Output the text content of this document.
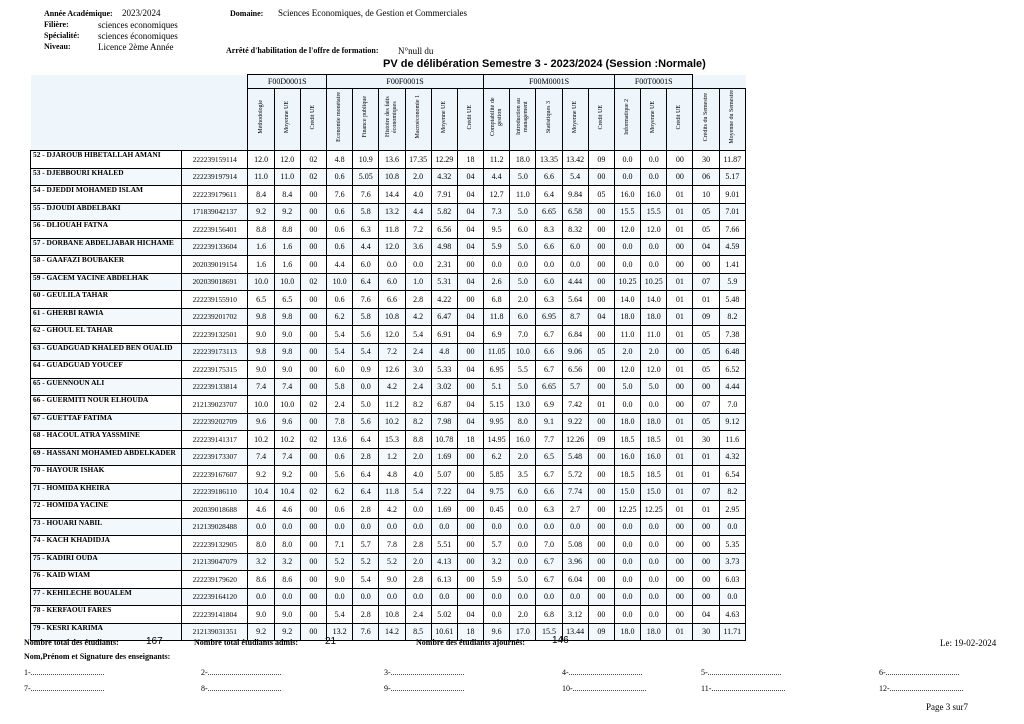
Année Académique: 2023/2024
Filière:	sciences economiques
Spécialité: sciences économiques
Niveau:	Licence 2ème Année
Domaine: Sciences Economiques, de Gestion et Commerciales
Arrêté d'habilitation de l'offre de formation: N°null du
PV de délibération Semestre 3 - 2023/2024 (Session :Normale)
		F00D0001S			F00F0001S						F00M0001S					F00T0001S				
		Méthodologie	Moyenne UE	Crédit UE	Economie monétaire	Finance publique	Histoire des faits économiques	Macroéconomie 1	Moyenne UE	Crédit UE	Comptabilité de gestion	Introduction au management	Statistiques 3	Moyenne UE	Crédit UE	Informatique 2	Moyenne UE	Crédit UE	Crédits du Semestre	Moyenne du Semestre
52 - DJAROUB HIBETALLAH AMANI	222239159114	12.0	12.0	02	4.8	10.9	13.6	17.35	12.29	18	11.2	18.0	13.35	13.42	09	0.0	0.0	00	30	11.87
53 - DJEBBOURI KHALED	222239197914	11.0	11.0	02	0.6	5.05	10.8	2.0	4.32	04	4.4	5.0	6.6	5.4	00	0.0	0.0	00	06	5.17
54 - DJEDDI MOHAMED ISLAM	222239179611	8.4	8.4	00	7.6	7.6	14.4	4.0	7.91	04	12.7	11.0	6.4	9.84	05	16.0	16.0	01	10	9.01
55 - DJOUDI ABDELBAKI	171839042137	9.2	9.2	00	0.6	5.8	13.2	4.4	5.82	04	7.3	5.0	6.65	6.58	00	15.5	15.5	01	05	7.01
56 - DLIOUAH FATNA	222239156401	8.8	8.8	00	0.6	6.3	11.8	7.2	6.56	04	9.5	6.0	8.3	8.32	00	12.0	12.0	01	05	7.66
57 - DORBANE ABDELJABAR HICHAME	222239133604	1.6	1.6	00	0.6	4.4	12.0	3.6	4.98	04	5.9	5.0	6.6	6.0	00	0.0	0.0	00	04	4.59
58 - GAAFAZI BOUBAKER	202039019154	1.6	1.6	00	4.4	6.0	0.0	0.0	2.31	00	0.0	0.0	0.0	0.0	00	0.0	0.0	00	00	1.41
59 - GACEM YACINE ABDELHAK	202039018691	10.0	10.0	02	10.0	6.4	6.0	1.0	5.31	04	2.6	5.0	6.0	4.44	00	10.25	10.25	01	07	5.9
60 - GEULILA TAHAR	222239155910	6.5	6.5	00	0.6	7.6	6.6	2.8	4.22	00	6.8	2.0	6.3	5.64	00	14.0	14.0	01	01	5.48
61 - GHERBI RAWIA	222239201702	9.8	9.8	00	6.2	5.8	10.8	4.2	6.47	04	11.8	6.0	6.95	8.7	04	18.0	18.0	01	09	8.2
62 - GHOUL EL TAHAR	222239132501	9.0	9.0	00	5.4	5.6	12.0	5.4	6.91	04	6.9	7.0	6.7	6.84	00	11.0	11.0	01	05	7.38
63 - GUADGUAD KHALED BEN OUALID	222239173113	9.8	9.8	00	5.4	5.4	7.2	2.4	4.8	00	11.05	10.0	6.6	9.06	05	2.0	2.0	00	05	6.48
64 - GUADGUAD YOUCEF	222239175315	9.0	9.0	00	6.0	0.9	12.6	3.0	5.33	04	6.95	5.5	6.7	6.56	00	12.0	12.0	01	05	6.52
65 - GUENNOUN ALI	222239133814	7.4	7.4	00	5.8	0.0	4.2	2.4	3.02	00	5.1	5.0	6.65	5.7	00	5.0	5.0	00	00	4.44
66 - GUERMITI NOUR ELHOUDA	212139023707	10.0	10.0	02	2.4	5.0	11.2	8.2	6.87	04	5.15	13.0	6.9	7.42	01	0.0	0.0	00	07	7.0
67 - GUETTAF FATIMA	222239202709	9.6	9.6	00	7.8	5.6	10.2	8.2	7.98	04	9.95	8.0	9.1	9.22	00	18.0	18.0	01	05	9.12
68 - HACOUL ATRA YASSMINE	222239141317	10.2	10.2	02	13.6	6.4	15.3	8.8	10.78	18	14.95	16.0	7.7	12.26	09	18.5	18.5	01	30	11.6
69 - HASSANI MOHAMED ABDELKADER	222239173307	7.4	7.4	00	0.6	2.8	1.2	2.0	1.69	00	6.2	2.0	6.5	5.48	00	16.0	16.0	01	01	4.32
70 - HAYOUR ISHAK	222239167607	9.2	9.2	00	5.6	6.4	4.8	4.0	5.07	00	5.85	3.5	6.7	5.72	00	18.5	18.5	01	01	6.54
71 - HOMIDA KHEIRA	222239186110	10.4	10.4	02	6.2	6.4	11.8	5.4	7.22	04	9.75	6.0	6.6	7.74	00	15.0	15.0	01	07	8.2
72 - HOMIDA YACINE	202039018688	4.6	4.6	00	0.6	2.8	4.2	0.0	1.69	00	0.45	0.0	6.3	2.7	00	12.25	12.25	01	01	2.95
73 - HOUARI NABIL	212139028488	0.0	0.0	00	0.0	0.0	0.0	0.0	0.0	00	0.0	0.0	0.0	0.0	00	0.0	0.0	00	00	0.0
74 - KACH KHADIDJA	222239132905	8.0	8.0	00	7.1	5.7	7.8	2.8	5.51	00	5.7	0.0	7.0	5.08	00	0.0	0.0	00	00	5.35
75 - KADIRI OUDA	212139047079	3.2	3.2	00	5.2	5.2	5.2	2.0	4.13	00	3.2	0.0	6.7	3.96	00	0.0	0.0	00	00	3.73
76 - KAID WIAM	222239179620	8.6	8.6	00	9.0	5.4	9.0	2.8	6.13	00	5.9	5.0	6.7	6.04	00	0.0	0.0	00	00	6.03
77 - KEHILECHE BOUALEM	222239164120	0.0	0.0	00	0.0	0.0	0.0	0.0	0.0	00	0.0	0.0	0.0	0.0	00	0.0	0.0	00	00	0.0
78 - KERFAOUI FARES	222239141804	9.0	9.0	00	5.4	2.8	10.8	2.4	5.02	04	0.0	2.0	6.8	3.12	00	0.0	0.0	00	04	4.63
79 - KESRI KARIMA	212139031351	9.2	9.2	00	13.2	7.6	14.2	8.5	10.61	18	9.6	17.0	15.5	13.44	09	18.0	18.0	01	30	11.71
Nombre total des étudiants:	167	Nombre total étudiants admis:	21	Nombre des étudiants ajournés:	146	Le: 19-02-2024
Nom,Prénom et Signature des enseignants:
1-.....................................	2-.....................................	3-.....................................	4-.....................................	5-.....................................	6-.....................................
7-.....................................	8-.....................................	9-.....................................	10-.....................................	11-.....................................	12-.....................................
Page 3 sur7
